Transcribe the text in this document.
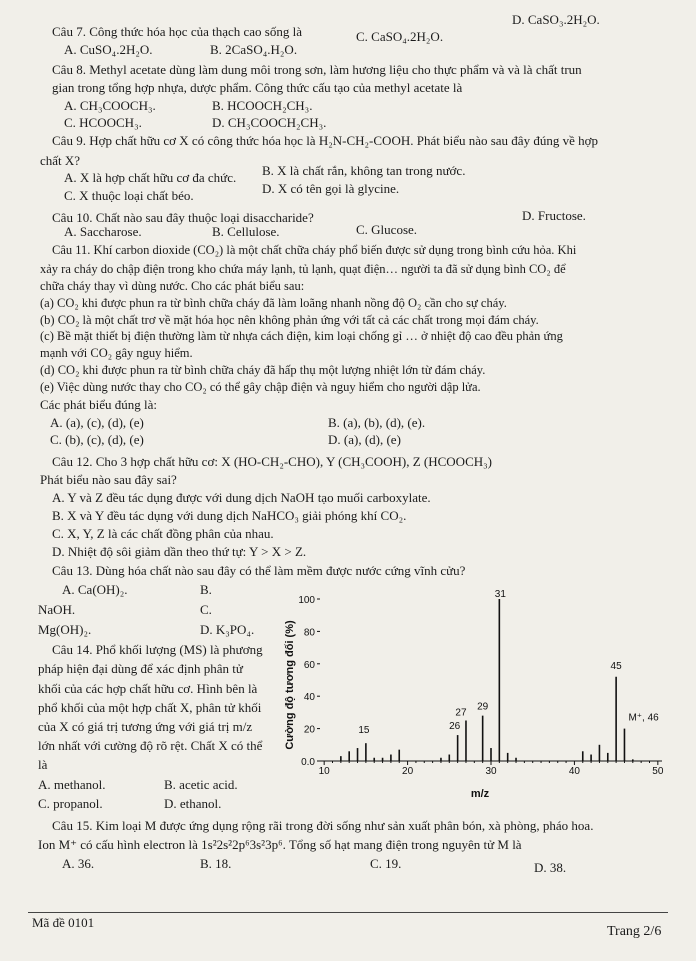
Câu 7. Công thức hóa học của thạch cao sống là	C. CaSO₄.2H₂O.
D. CaSO₃.2H₂O.
A. CuSO₄.2H₂O.	B. 2CaSO₄.H₂O.
Câu 8. Methyl acetate dùng làm dung môi trong sơn, làm hương liệu cho thực phẩm và và là chất trun
gian trong tổng hợp nhựa, dược phẩm. Công thức cấu tạo của methyl acetate là
A. CH₃COOCH₃.	B. HCOOCH₂CH₃.
C. HCOOCH₃.	D. CH₃COOCH₂CH₃.
Câu 9. Hợp chất hữu cơ X có công thức hóa học là H₂N-CH₂-COOH. Phát biểu nào sau đây đúng về hợp
chất X?
A. X là hợp chất hữu cơ đa chức. B. X là chất rắn, không tan trong nước.
C. X thuộc loại chất béo.	D. X có tên gọi là glycine.
Câu 10. Chất nào sau đây thuộc loại disaccharide?
A. Saccharose.	B. Cellulose.	C. Glucose.
D. Fructose.
Câu 11. Khí carbon dioxide (CO₂) là một chất chữa cháy phổ biến được sử dụng trong bình cứu hỏa. Khi
xảy ra cháy do chập điện trong kho chứa máy lạnh, tủ lạnh, quạt điện… người ta đã sử dụng bình CO₂ để
chữa cháy thay vì dùng nước. Cho các phát biểu sau:
(a) CO₂ khi được phun ra từ bình chữa cháy đã làm loãng nhanh nồng độ O₂ cần cho sự cháy.
(b) CO₂ là một chất trơ về mặt hóa học nên không phản ứng với tất cả các chất trong mọi đám cháy.
(c) Bề mặt thiết bị điện thường làm từ nhựa cách điện, kim loại chống gỉ … ở nhiệt độ cao đều phản ứng
mạnh với CO₂ gây nguy hiểm.
(d) CO₂ khi được phun ra từ bình chữa cháy đã hấp thụ một lượng nhiệt lớn từ đám cháy.
(e) Việc dùng nước thay cho CO₂ có thể gây chập điện và nguy hiểm cho người dập lửa.
Các phát biểu đúng là:
A. (a), (c), (d), (e)	B. (a), (b), (d), (e).
C. (b), (c), (d), (e)	D. (a), (d), (e)
Câu 12. Cho 3 hợp chất hữu cơ: X (HO-CH₂-CHO), Y (CH₃COOH), Z (HCOOCH₃)
Phát biểu nào sau đây sai?
A. Y và Z đều tác dụng được với dung dịch NaOH tạo muối carboxylate.
B. X và Y đều tác dụng với dung dịch NaHCO₃ giải phóng khí CO₂.
C. X, Y, Z là các chất đồng phân của nhau.
D. Nhiệt độ sôi giảm dần theo thứ tự: Y > X > Z.
Câu 13. Dùng hóa chất nào sau đây có thể làm mềm được nước cứng vĩnh cửu?
A. Ca(OH)₂.	B.
NaOH.	C.
Mg(OH)₂.	D. K₃PO₄.
Câu 14. Phổ khối lượng (MS) là phương
pháp hiện đại dùng để xác định phân tử
khối của các hợp chất hữu cơ. Hình bên là
phổ khối của một hợp chất X, phân tử khối
của X có giá trị tương ứng với giá trị m/z
lớn nhất với cường độ rõ rệt. Chất X có thể
là
A. methanol.	B. acetic acid.
C. propanol.	D. ethanol.
0.0
20
40
60
80
100
10	20	30	40	50
15	26
27
29
31
45
M⁺, 46
Cường độ tương đối (%)
m/z
Câu 15. Kim loại M được ứng dụng rộng rãi trong đời sống như sản xuất phân bón, xà phòng, pháo hoa.
Ion M⁺ có cấu hình electron là 1s²2s²2p⁶3s²3p⁶. Tổng số hạt mang điện trong nguyên tử M là
A. 36.	B. 18.	C. 19.	D. 38.
Mã đề 0101
Trang 2/6
